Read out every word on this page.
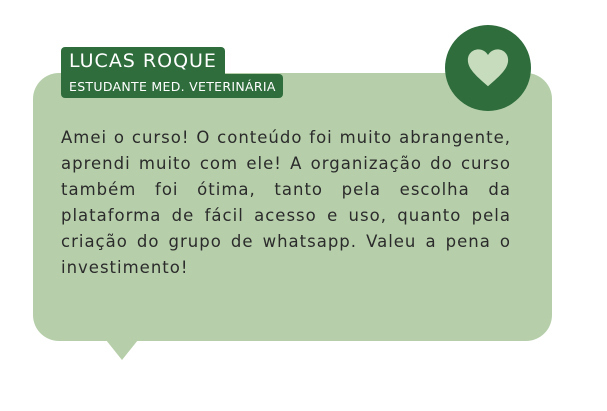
LUCAS ROQUE
ESTUDANTE MED. VETERINÁRIA

Amei o curso! O conteúdo foi muito abrangente, aprendi muito com ele! A organização do curso também foi ótima, tanto pela escolha da plataforma de fácil acesso e uso, quanto pela criação do grupo de whatsapp. Valeu a pena o investimento!
